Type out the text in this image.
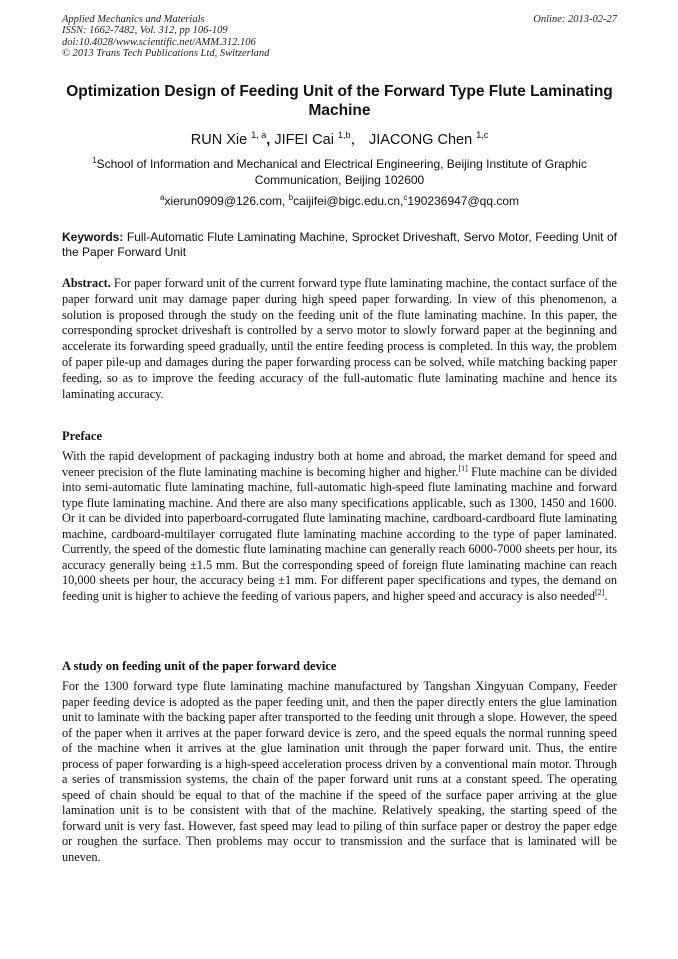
Applied Mechanics and Materials
ISSN: 1662-7482, Vol. 312, pp 106-109
doi:10.4028/www.scientific.net/AMM.312.106
© 2013 Trans Tech Publications Ltd, Switzerland
Online: 2013-02-27
Optimization Design of Feeding Unit of the Forward Type Flute Laminating Machine
RUN Xie $^{1, a}$, JIFEI Cai $^{1,b}$， JIACONG Chen $^{1,c}$
$^1$School of Information and Mechanical and Electrical Engineering, Beijing Institute of Graphic Communication, Beijing 102600
$^a$xierun0909@126.com, $^b$caijifei@bigc.edu.cn,$^c$190236947@qq.com
Keywords: Full-Automatic Flute Laminating Machine, Sprocket Driveshaft, Servo Motor, Feeding Unit of the Paper Forward Unit
Abstract. For paper forward unit of the current forward type flute laminating machine, the contact surface of the paper forward unit may damage paper during high speed paper forwarding. In view of this phenomenon, a solution is proposed through the study on the feeding unit of the flute laminating machine. In this paper, the corresponding sprocket driveshaft is controlled by a servo motor to slowly forward paper at the beginning and accelerate its forwarding speed gradually, until the entire feeding process is completed. In this way, the problem of paper pile-up and damages during the paper forwarding process can be solved, while matching backing paper feeding, so as to improve the feeding accuracy of the full-automatic flute laminating machine and hence its laminating accuracy.
Preface
With the rapid development of packaging industry both at home and abroad, the market demand for speed and veneer precision of the flute laminating machine is becoming higher and higher.[1] Flute machine can be divided into semi-automatic flute laminating machine, full-automatic high-speed flute laminating machine and forward type flute laminating machine. And there are also many specifications applicable, such as 1300, 1450 and 1600. Or it can be divided into paperboard-corrugated flute laminating machine, cardboard-cardboard flute laminating machine, cardboard-multilayer corrugated flute laminating machine according to the type of paper laminated. Currently, the speed of the domestic flute laminating machine can generally reach 6000-7000 sheets per hour, its accuracy generally being ±1.5 mm. But the corresponding speed of foreign flute laminating machine can reach 10,000 sheets per hour, the accuracy being ±1 mm. For different paper specifications and types, the demand on feeding unit is higher to achieve the feeding of various papers, and higher speed and accuracy is also needed[2].
A study on feeding unit of the paper forward device
For the 1300 forward type flute laminating machine manufactured by Tangshan Xingyuan Company, Feeder paper feeding device is adopted as the paper feeding unit, and then the paper directly enters the glue lamination unit to laminate with the backing paper after transported to the feeding unit through a slope. However, the speed of the paper when it arrives at the paper forward device is zero, and the speed equals the normal running speed of the machine when it arrives at the glue lamination unit through the paper forward unit. Thus, the entire process of paper forwarding is a high-speed acceleration process driven by a conventional main motor. Through a series of transmission systems, the chain of the paper forward unit runs at a constant speed. The operating speed of chain should be equal to that of the machine if the speed of the surface paper arriving at the glue lamination unit is to be consistent with that of the machine. Relatively speaking, the starting speed of the forward unit is very fast. However, fast speed may lead to piling of thin surface paper or destroy the paper edge or roughen the surface. Then problems may occur to transmission and the surface that is laminated will be uneven.
